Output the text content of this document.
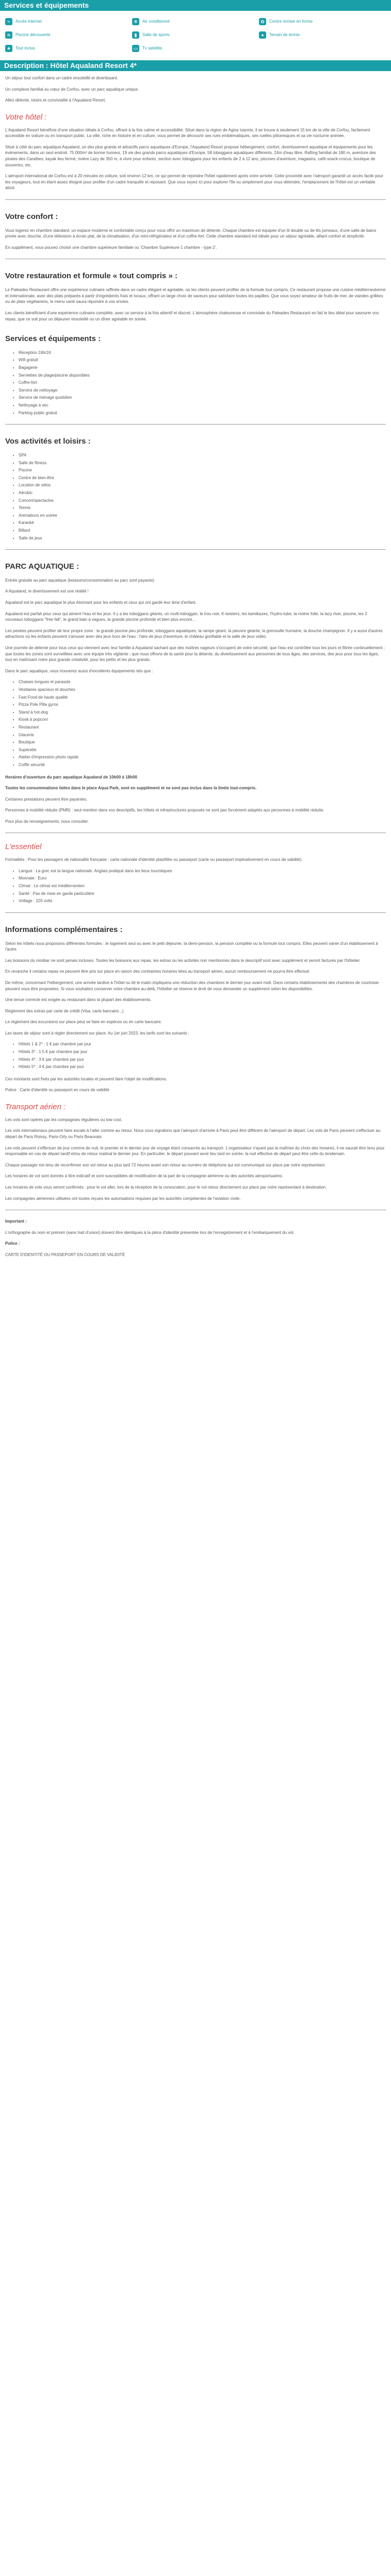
Services et équipements
≈	Accès internet	❄	Air conditionné	✿	Centre remise en forme
≋	Piscine découverte	▮	Salle de sports	●	Terrain de tennis
★	Tout inclus	▭	Tv satellite
Description : Hôtel Aqualand Resort 4*

Un séjour tout confort dans un cadre ensoleillé et divertissant.

Un complexe familial au cœur de Corfou, avec un parc aquatique unique.

Allez détente, loisirs et convivialité à l'Aqualand Resort.

Votre hôtel :

L'Aqualand Resort bénéficie d'une situation idéale à Corfou, offrant à la fois calme et accessibilité. Situé dans la région de Agios Ioannis, il se trouve à seulement 15 km de la ville de Corfou, facilement accessible en voiture ou en transport public. La ville, riche en histoire et en culture, vous permet de découvrir ses rues emblématiques, ses ruelles pittoresques et sa vie nocturne animée.

Situé à côté du parc aquatique Aqualand, un des plus grands et attractifs parcs aquatiques d'Europe, l'Aqualand Resort propose hébergement, confort, divertissement aquatique et équipements pour les évènements, dans un seul endroit. 75 000m² de bonne humeur, 19 vie des grands parcs aquatiques d'Europe, 58 toboggans aquatiques différents, 24m d'eau libre, Rafting familial de 180 m, aventure des pirates des Caraïbes, kayak lieu fermé, rivière Lazy de 350 m, à vivre pour enfants, section avec toboggans pour les enfants de 2 à 12 ans, piscines d'aventure, magasins, café-snack-crocus, boutique de souvenirs, etc.

L'aéroport international de Corfou est à 20 minutes en voiture, soit environ 12 km, ce qui permet de rejoindre l'hôtel rapidement après votre arrivée. Cette proximité avec l'aéroport garantit un accès facile pour les voyageurs, tout en étant assez éloigné pour profiter d'un cadre tranquille et reposant. Que vous soyez ici pour explorer l'île ou simplement pour vous détendre, l'emplacement de l'hôtel est un véritable atout.

Votre confort :

Vous logerez en chambre standard, un espace moderne et confortable conçu pour vous offrir un maximum de détente. Chaque chambre est équipée d'un lit double ou de lits jumeaux, d'une salle de bains privée avec douche, d'une télévision à écran plat, de la climatisation, d'un mini-réfrigérateur et d'un coffre-fort. Cette chambre standard est idéale pour un séjour agréable, alliant confort et simplicité.

En supplément, vous pouvez choisir une chambre supérieure familiale ou 'Chambre Supérieure 1 chambre - type 2'.

Votre restauration et formule « tout compris » :

Le Paleades Restaurant offre une expérience culinaire raffinée dans un cadre élégant et agréable, où les clients peuvent profiter de la formule tout compris. Ce restaurant propose une cuisine méditerranéenne et internationale, avec des plats préparés à partir d'ingrédients frais et locaux, offrant un large choix de saveurs pour satisfaire toutes les papilles. Que vous soyez amateur de fruits de mer, de viandes grillées ou de plats végétariens, le menu varié saura répondre à vos envies.

Les clients bénéficient d'une expérience culinaire complète, avec un service à la fois attentif et discret. L'atmosphère chaleureuse et conviviale du Paleades Restaurant en fait le lieu idéal pour savourer vos repas, que ce soit pour un déjeuner ensoleillé ou un dîner agréable en soirée.

Services et équipements :
• Réception 24h/24
• Wifi gratuit
• Bagagerie
• Serviettes de plage/piscine disponibles
• Coffre-fort
• Service de nettoyage
• Service de ménage quotidien
• Nettoyage à sec
• Parking public gratuit
Vos activités et loisirs :
• SPA
• Salle de fitness
• Piscine
• Centre de bien-être
• Location de vélos
• Aérobic
• Concert/spectacles
• Tennis
• Animations en soirée
• Karaoké
• Billard
• Salle de jeux
PARC AQUATIQUE :

Entrée gratuite au parc aquatique (boissons/consommation au parc sont payante)

A Aqualand, le divertissement est une réalité !

Aqualand est le parc aquatique le plus étonnant pour les enfants et ceux qui ont gardé leur âme d'enfant.

Aqualand est parfait pour ceux qui aiment l'eau et les jeux. Il y a les toboggans géants, un multi-toboggan, le trou noir, K-twisters, les kamikazes, l'hydro-tube, la rivière folle, la lazy river, piscine, les 2 nouveaux toboggans "free fall", le grand bain à vagues, la grande piscine profonde et bien plus encore...

Les pesées peuvent profiter de leur propre zone : la grande piscine peu profonde, toboggans aquatiques, la rampe géant, la pieuvre géante, la grenouille humaine, la douche champignon. Il y a aussi d'autres attractions où les enfants peuvent s'amuser avec des jeux hors de l'eau : l'aire de jeux d'aventure, le château gonflable et la salle de jeux vidéo.

Une journée de détente pour tous ceux qui viennent avec leur famille à Aqualand sachant que des maîtres nageurs s'occupent de votre sécurité, que l'eau est contrôlée tous les jours et filtrée continuellement ; que toutes les zones sont surveillées avec une équipe très vigilante ; que nous offrons de la santé pour la détente, du divertissement aux personnes de tous âges, des services, des jeux pour tous les âges, tout en maîtrisant notre plus grande créativité, pour les petits et les plus grands.

Dans le parc aquatique, vous trouverez aussi d'excellents équipements tels que :

• Chaises longues et parasols
• Vestiaires spacieux et douches
• Fast Food de haute qualité
• Pizza Pole Pilla gyros
• Stand à hot-dog
• Kiosk à popcorn
• Restaurant
• Glacerie
• Boutique
• Supérette
• Atelier d'impression photo rapide
• Coiffe sécurité

Horaires d'ouverture du parc aquatique Aqualand de 10h00 à 18h00

Toutes les consommations faites dans le place Aqua Park, sont en supplément et ne sont pas inclus dans la limite tout-compris.

Certaines prestations peuvent être payantes.

Personnes à mobilité réduite (PMR) : seul mention dans vos descriptifs, les hôtels et infrastructures proposés ne sont pas forcément adaptés aux personnes à mobilité réduite.

Pour plus de renseignements, nous consulter.

L'essentiel

Formalités : Pour les passagers de nationalité française : carte nationale d'identité plastifiée ou passeport (carte ou passeport impérativement en cours de validité).

• Langue : La grec est la langue nationale. Anglais pratiqué dans les lieux touristiques
• Monnaie : Euro
• Climat : Le climat est méditerranéen
• Santé : Pas de mise en garde particulière
• Voltage : 220 volts
Informations complémentaires :

Selon les hôtels nous proposons différentes formules : le logement seul ou avec le petit déjeuner, la demi-pension, la pension complète ou la formule tout compris. Elles peuvent varier d'un établissement à l'autre.

Les boissons du minibar ne sont jamais incluses. Toutes les boissons aux repas, les extras ou les activités non mentionnés dans le descriptif sont avec supplément et seront facturés par l'hôtelier.

En revanche il certains repas ne peuvent être pris sur place en raison des contraintes horaires liées au transport aérien, aucun remboursement ne pourra être effectué.

De même, concernant l'hébergement, une arrivée tardive à l'hôtel ou lié le matin impliquera une réduction des chambres le dernier jour avant midi. Dans certains établissements des chambres de courtoisie peuvent vous être proposées. Si vous souhaitez conserver votre chambre au-delà, l'hôtelier se réserve le droit de vous demander un supplément selon les disponibilités.

Une tenue correcte est exigée au restaurant dans la plupart des établissements.

Règlement des extras par carte de crédit (Visa, carte bancaire...).

Le règlement des excursions sur place peut se faire en espèces ou en carte bancaire.

Les taxes de séjour sont à régler directement sur place. Au 1er juin 2023, les tarifs sont les suivants :

• Hôtels 1 & 2* : 1 € par chambre par jour
• Hôtels 3* : 1.5 € par chambre par jour
• Hôtels 4* : 3 € par chambre par jour
• Hôtels 5* : 4 € par chambre par jour

Ces montants sont fixés par les autorités locales et peuvent faire l'objet de modifications.

Police : Carte d'identité ou passeport en cours de validité

Transport aérien :

Les vols sont opérés par les compagnies régulières ou low cost.

Les vols internationaux peuvent faire escale à l'aller comme au retour. Nous vous signalons que l'aéroport d'arrivée à Paris peut être différent de l'aéroport de départ. Les vols de Paris peuvent s'effectuer au départ de Paris Roissy, Paris-Orly ou Paris Beauvais.

Les vols peuvent s'effectuer de jour comme de nuit, le premier et le dernier jour de voyage étant consacrés au transport. L'organisateur n'ayant pas la maîtrise du choix des horaires, il ne saurait être tenu pour responsable en cas de départ tardif et/ou de retour matinal le dernier jour. En particulier, le départ pouvant avoir lieu tard en soirée, la nuit effective de départ peut être celle du lendemain.

Chaque passager est tenu de reconfirmer son vol retour au plus tard 72 heures avant son retour au numéro de téléphone qui est communiqué sur place par notre représentant.

Les horaires de vol sont donnés à titre indicatif et sont susceptibles de modification de la part de la compagnie aérienne ou des autorités aéroportuaires.

Les horaires de vols vous seront confirmés : pour le vol aller, lors de la réception de la convocation, pour le vol retour directement sur place par notre représentant à destination.

Les compagnies aériennes utilisées ont toutes reçues les autorisations requises par les autorités compétentes de l'aviation civile.

Important :

L'orthographe du nom et prénom (sans trait d'union) doivent être identiques à la pièce d'identité présentée lors de l'enregistrement et à l'embarquement du vol.

Police :

CARTE D'IDENTITÉ OU PASSEPORT EN COURS DE VALIDITÉ
